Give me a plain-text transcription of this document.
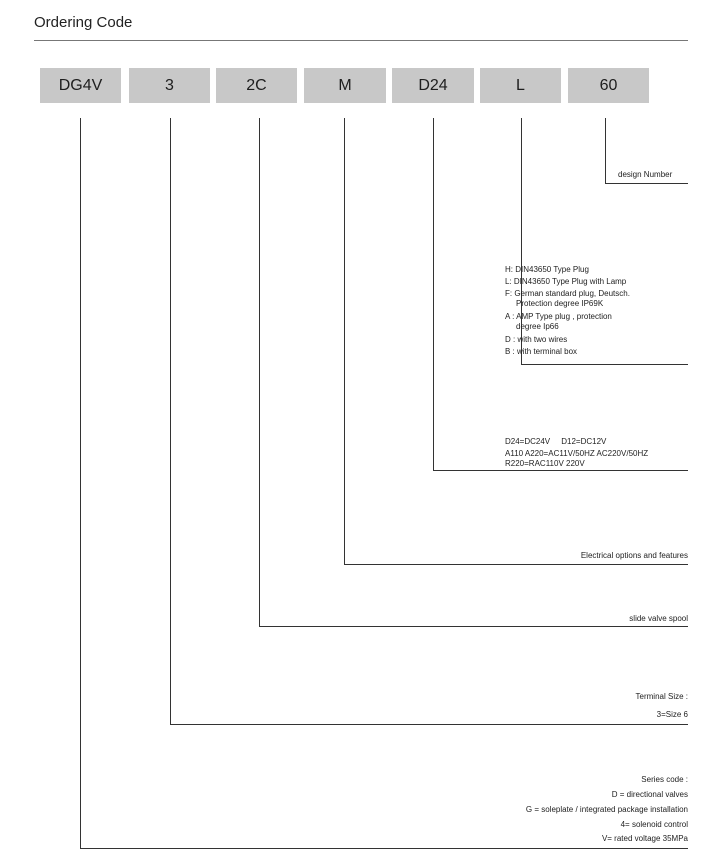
Ordering Code
DG4V	3	2C	M	D24	L	60
design Number
H: DIN43650 Type Plug
L: DIN43650 Type Plug with Lamp
F: German standard plug, Deutsch.
Protection degree IP69K
A : AMP Type plug , protection
degree Ip66
D : with two wires
B : with terminal box
D24=DC24V     D12=DC12V
A110 A220=AC11V/50HZ AC220V/50HZ
R220=RAC110V 220V
Electrical options and features
slide valve spool
Terminal Size :
3=Size 6
Series code :
D = directional valves
G = soleplate / integrated package installation
4= solenoid control
V= rated voltage 35MPa
